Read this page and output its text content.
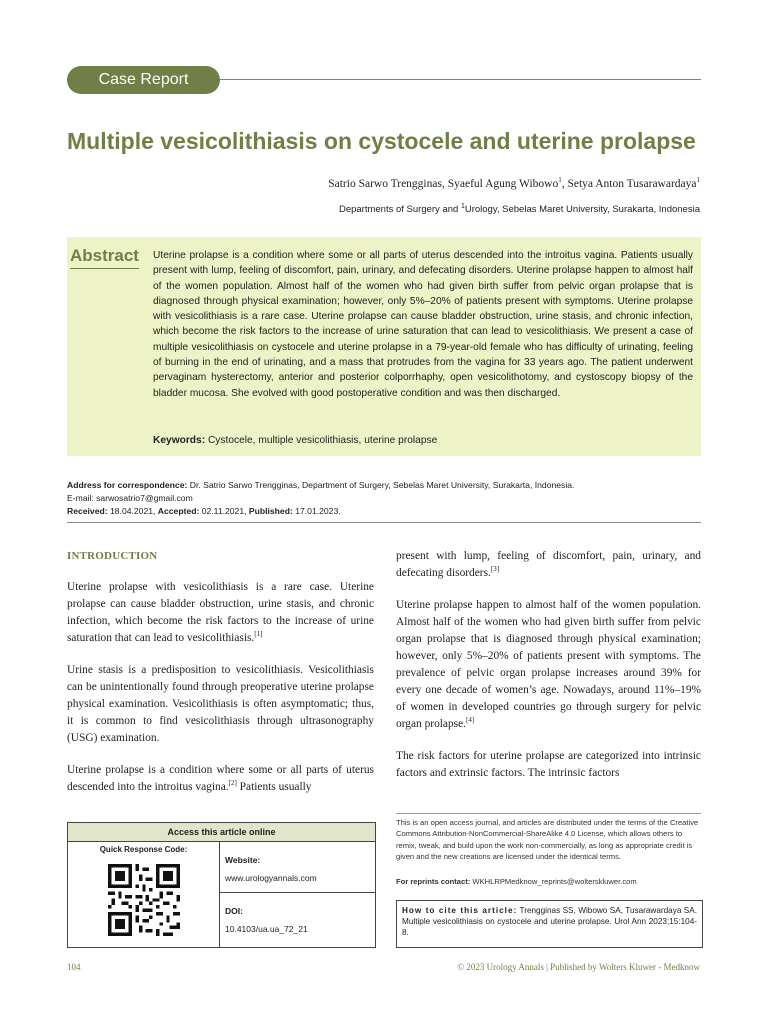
Case Report
Multiple vesicolithiasis on cystocele and uterine prolapse
Satrio Sarwo Trengginas, Syaeful Agung Wibowo$^1$, Setya Anton Tusarawardaya$^1$
Departments of Surgery and $^1$Urology, Sebelas Maret University, Surakarta, Indonesia
Abstract Uterine prolapse is a condition where some or all parts of uterus descended into the introitus vagina. Patients usually present with lump, feeling of discomfort, pain, urinary, and defecating disorders. Uterine prolapse happen to almost half of the women population. Almost half of the women who had given birth suffer from pelvic organ prolapse that is diagnosed through physical examination; however, only 5%–20% of patients present with symptoms. Uterine prolapse with vesicolithiasis is a rare case. Uterine prolapse can cause bladder obstruction, urine stasis, and chronic infection, which become the risk factors to the increase of urine saturation that can lead to vesicolithiasis. We present a case of multiple vesicolithiasis on cystocele and uterine prolapse in a 79-year-old female who has difficulty of urinating, feeling of burning in the end of urinating, and a mass that protrudes from the vagina for 33 years ago. The patient underwent pervaginam hysterectomy, anterior and posterior colporrhaphy, open vesicolithotomy, and cystoscopy biopsy of the bladder mucosa. She evolved with good postoperative condition and was then discharged.
Keywords: Cystocele, multiple vesicolithiasis, uterine prolapse
Address for correspondence: Dr. Satrio Sarwo Trengginas, Department of Surgery, Sebelas Maret University, Surakarta, Indonesia.
E-mail: sarwosatrio7@gmail.com
Received: 18.04.2021, Accepted: 02.11.2021, Published: 17.01.2023.

INTRODUCTION

Uterine prolapse with vesicolithiasis is a rare case. Uterine prolapse can cause bladder obstruction, urine stasis, and chronic infection, which become the risk factors to the increase of urine saturation that can lead to vesicolithiasis.[1]

Urine stasis is a predisposition to vesicolithiasis. Vesicolithiasis can be unintentionally found through preoperative uterine prolapse physical examination. Vesicolithiasis is often asymptomatic; thus, it is common to find vesicolithiasis through ultrasonography (USG) examination.

Uterine prolapse is a condition where some or all parts of uterus descended into the introitus vagina.[2] Patients usually

present with lump, feeling of discomfort, pain, urinary, and defecating disorders.[3]

Uterine prolapse happen to almost half of the women population. Almost half of the women who had given birth suffer from pelvic organ prolapse that is diagnosed through physical examination; however, only 5%–20% of patients present with symptoms. The prevalence of pelvic organ prolapse increases around 39% for every one decade of women’s age. Nowadays, around 11%–19% of women in developed countries go through surgery for pelvic organ prolapse.[4]

The risk factors for uterine prolapse are categorized into intrinsic factors and extrinsic factors. The intrinsic factors

Access this article online
Quick Response Code:
Website:
www.urologyannals.com
DOI:
10.4103/ua.ua_72_21
This is an open access journal, and articles are distributed under the terms of the Creative Commons Attribution-NonCommercial-ShareAlike 4.0 License, which allows others to remix, tweak, and build upon the work non-commercially, as long as appropriate credit is given and the new creations are licensed under the identical terms.
For reprints contact: WKHLRPMedknow_reprints@wolterskluwer.com
How to cite this article: Trengginas SS, Wibowo SA, Tusarawardaya SA. Multiple vesicolithiasis on cystocele and uterine prolapse. Urol Ann 2023;15:104-8.
104	© 2023 Urology Annals | Published by Wolters Kluwer - Medknow
